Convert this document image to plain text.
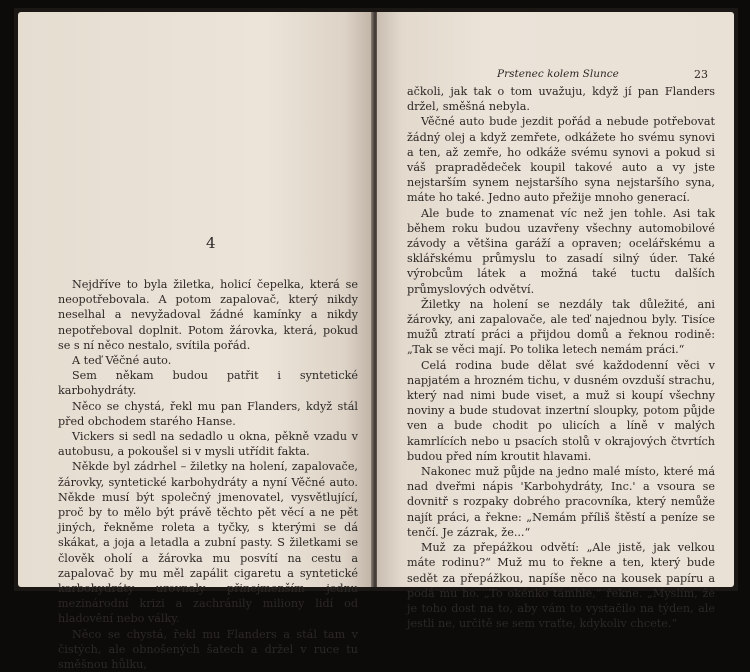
4

Nejdříve to byla žiletka, holicí čepelka, která se neopotřebovala. A potom zapalovač, který nikdy neselhal a nevyžadoval žádné kamínky a nikdy nepotřeboval doplnit. Potom žárovka, která, pokud se s ní něco nestalo, svítila pořád.

A teď Věčné auto.

Sem někam budou patřit i syntetické karbohydráty.

Něco se chystá, řekl mu pan Flanders, když stál před obchodem starého Hanse.

Vickers si sedl na sedadlo u okna, pěkně vzadu v autobusu, a pokoušel si v mysli utřídit fakta.

Někde byl zádrhel – žiletky na holení, zapalovače, žárovky, syntetické karbohydráty a nyní Věčné auto. Někde musí být společný jmenovatel, vysvětlující, proč by to mělo být právě těchto pět věcí a ne pět jiných, řekněme roleta a tyčky, s kterými se dá skákat, a joja a letadla a zubní pasty. S žiletkami se člověk oholí a žárovka mu posvítí na cestu a zapalovač by mu měl zapálit cigaretu a syntetické karbohydráty urovnaly přinejmenším jednu mezinárodní krizi a zachránily miliony lidí od hladovění nebo války.

Něco se chystá, řekl mu Flanders a stál tam v čistých, ale obnošených šatech a držel v ruce tu směšnou hůlku,

Prstenec kolem Slunce	23

ačkoli, jak tak o tom uvažuju, když jí pan Flanders držel, směšná nebyla.

Věčné auto bude jezdit pořád a nebude potřebovat žádný olej a když zemřete, odkážete ho svému synovi a ten, až zemře, ho odkáže svému synovi a pokud si váš prapradědeček koupil takové auto a vy jste nejstarším synem nejstaršího syna nejstaršího syna, máte ho také. Jedno auto přežije mnoho generací.

Ale bude to znamenat víc než jen tohle. Asi tak během roku budou uzavřeny všechny automobilové závody a většina garáží a opraven; ocelářskému a sklářskému průmyslu to zasadí silný úder. Také výrobcům látek a možná také tuctu dalších průmyslových odvětví.

Žiletky na holení se nezdály tak důležité, ani žárovky, ani zapalovače, ale teď najednou byly. Tisíce mužů ztratí práci a přijdou domů a řeknou rodině: „Tak se věci mají. Po tolika letech nemám práci.“

Celá rodina bude dělat své každodenní věci v napjatém a hrozném tichu, v dusném ovzduší strachu, který nad nimi bude viset, a muž si koupí všechny noviny a bude studovat inzertní sloupky, potom půjde ven a bude chodit po ulicích a líně v malých kamrlících nebo u psacích stolů v okrajových čtvrtích budou před ním kroutit hlavami.

Nakonec muž půjde na jedno malé místo, které má nad dveřmi nápis 'Karbohydráty, Inc.' a vsoura se dovnitř s rozpaky dobrého pracovníka, který nemůže najít práci, a řekne: „Nemám příliš štěstí a peníze se tenčí. Je zázrak, že...“

Muž za přepážkou odvětí: „Ale jistě, jak velkou máte rodinu?“ Muž mu to řekne a ten, který bude sedět za přepážkou, napíše něco na kousek papíru a podá mu ho. „To okénko támhle,“ řekne. „Myslím, že je toho dost na to, aby vám to vystačilo na týden, ale jestli ne, určitě se sem vraťte, kdykoliv chcete.“
